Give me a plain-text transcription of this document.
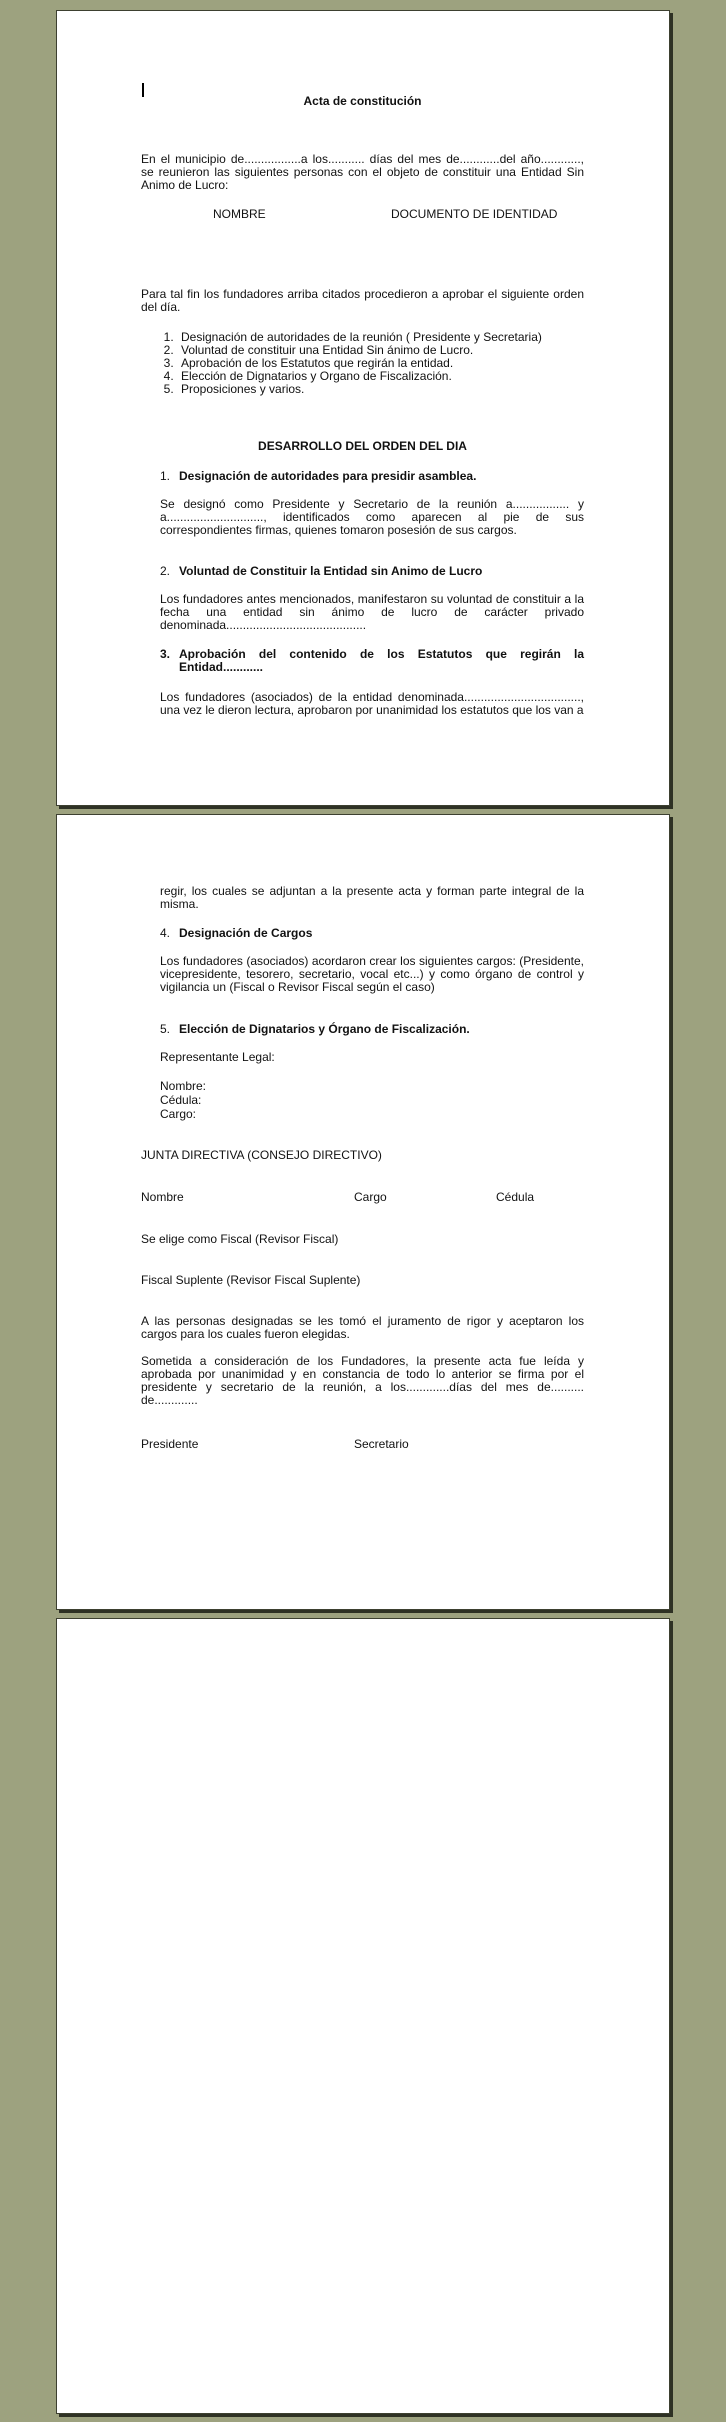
Acta de constitución

En el municipio de.................a los........... días del mes de............del año............, se reunieron las siguientes personas con el objeto de constituir una Entidad Sin Animo de Lucro:

NOMBRE	DOCUMENTO DE IDENTIDAD

Para tal fin los fundadores arriba citados procedieron a aprobar el siguiente orden del día.

1. Designación de autoridades de la reunión ( Presidente y Secretaria)
2. Voluntad de constituir una Entidad Sin ánimo de Lucro.
3. Aprobación de los Estatutos que regirán la entidad.
4. Elección de Dignatarios y Organo de Fiscalización.
5. Proposiciones y varios.
DESARROLLO DEL ORDEN DEL DIA
1. Designación de autoridades para presidir asamblea.

Se designó como Presidente y Secretario de la reunión a................. y a............................., identificados como aparecen al pie de sus correspondientes firmas, quienes tomaron posesión de sus cargos.

2. Voluntad de Constituir la Entidad sin Animo de Lucro

Los fundadores antes mencionados, manifestaron su voluntad de constituir a la fecha una entidad sin ánimo de lucro de carácter privado denominada..........................................

3. Aprobación del contenido de los Estatutos que regirán la Entidad............

Los fundadores (asociados) de la entidad denominada..................................., una vez le dieron lectura, aprobaron por unanimidad los estatutos que los van a

regir, los cuales se adjuntan a la presente acta y forman parte integral de la misma.

4. Designación de Cargos

Los fundadores (asociados) acordaron crear los siguientes cargos: (Presidente, vicepresidente, tesorero, secretario, vocal etc...) y como órgano de control y vigilancia un (Fiscal o Revisor Fiscal según el caso)

5. Elección de Dignatarios y Órgano de Fiscalización.

Representante Legal:

Nombre:

Cédula:

Cargo:

JUNTA DIRECTIVA (CONSEJO DIRECTIVO)

Nombre	Cargo	Cédula

Se elige como Fiscal (Revisor Fiscal)

Fiscal Suplente (Revisor Fiscal Suplente)

A las personas designadas se les tomó el juramento de rigor y aceptaron los cargos para los cuales fueron elegidas.

Sometida a consideración de los Fundadores, la presente acta fue leída y aprobada por unanimidad y en constancia de todo lo anterior se firma por el presidente y secretario de la reunión, a los.............días del mes de.......... de.............

Presidente	Secretario
